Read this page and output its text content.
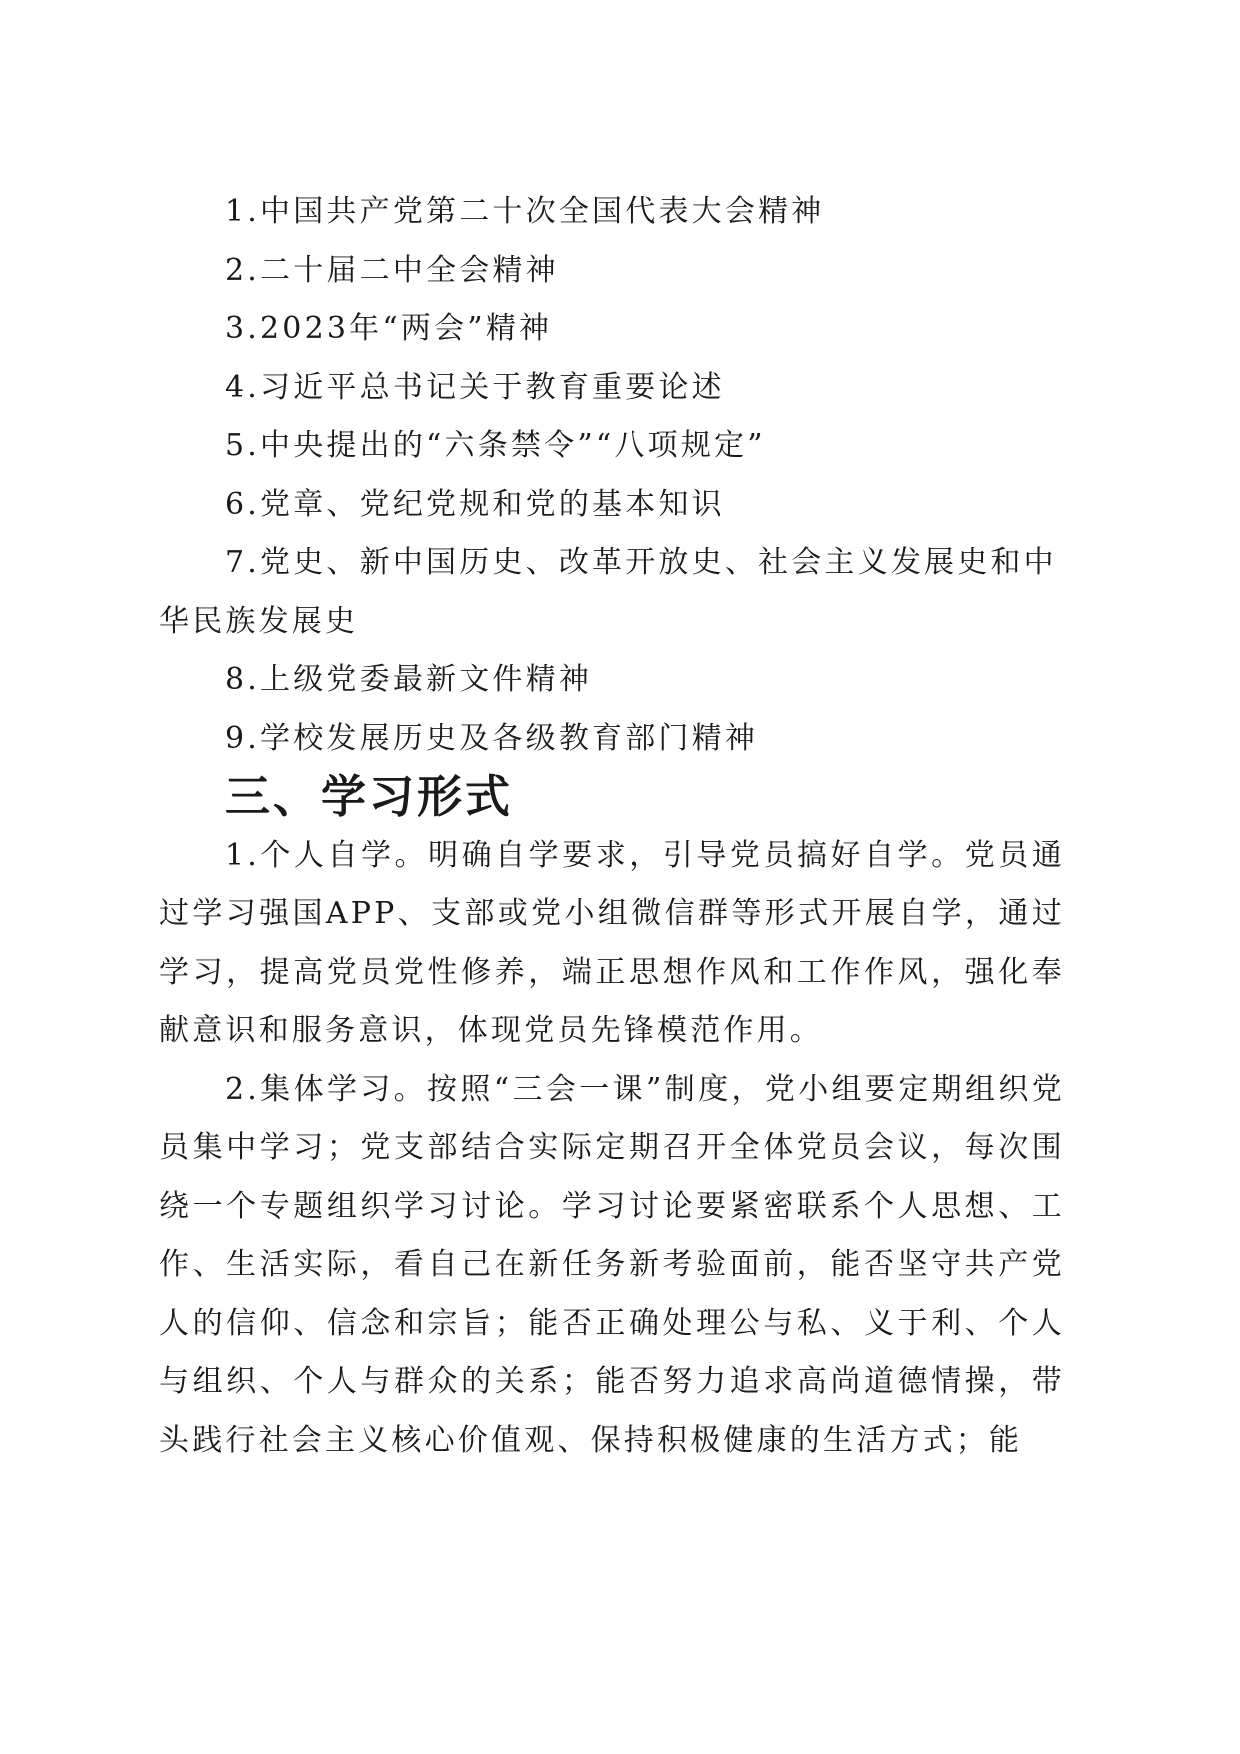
1.中国共产党第二十次全国代表大会精神

2.二十届二中全会精神

3.2023年“两会”精神

4.习近平总书记关于教育重要论述

5.中央提出的“六条禁令”“八项规定”

6.党章、党纪党规和党的基本知识

7.党史、新中国历史、改革开放史、社会主义发展史和中华民族发展史

8.上级党委最新文件精神

9.学校发展历史及各级教育部门精神

三、学习形式

1.个人自学。明确自学要求，引导党员搞好自学。党员通过学习强国APP、支部或党小组微信群等形式开展自学，通过学习，提高党员党性修养，端正思想作风和工作作风，强化奉献意识和服务意识，体现党员先锋模范作用。

2.集体学习。按照“三会一课”制度，党小组要定期组织党员集中学习；党支部结合实际定期召开全体党员会议，每次围绕一个专题组织学习讨论。学习讨论要紧密联系个人思想、工作、生活实际，看自己在新任务新考验面前，能否坚守共产党人的信仰、信念和宗旨；能否正确处理公与私、义于利、个人与组织、个人与群众的关系；能否努力追求高尚道德情操，带头践行社会主义核心价值观、保持积极健康的生活方式；能
